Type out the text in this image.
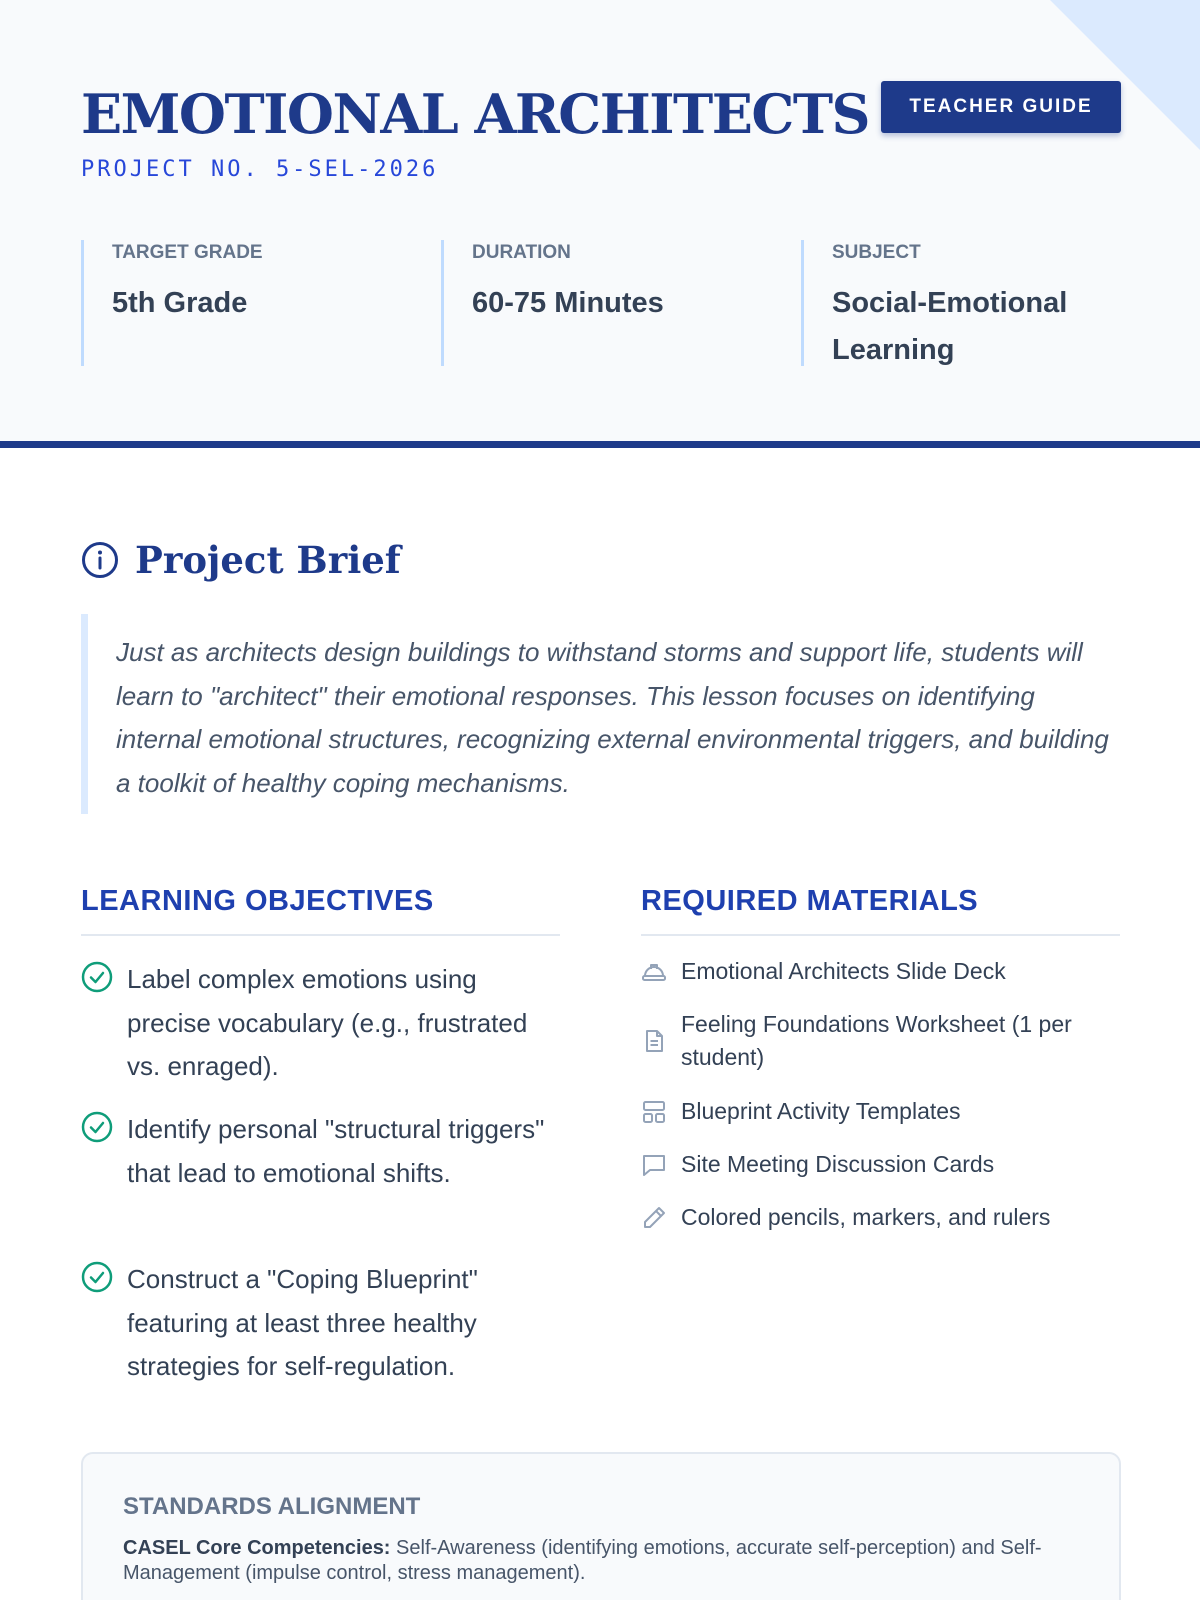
EMOTIONAL ARCHITECTS
PROJECT NO. 5-SEL-2026
TEACHER GUIDE
TARGET GRADE
5th Grade
DURATION
60-75 Minutes
SUBJECT
Social-Emotional Learning
Project Brief
Just as architects design buildings to withstand storms and support life, students will learn to "architect" their emotional responses. This lesson focuses on identifying internal emotional structures, recognizing external environmental triggers, and building a toolkit of healthy coping mechanisms.
LEARNING OBJECTIVES
Label complex emotions using precise vocabulary (e.g., frustrated vs. enraged).
Identify personal "structural triggers" that lead to emotional shifts.
Construct a "Coping Blueprint" featuring at least three healthy strategies for self-regulation.
REQUIRED MATERIALS
Emotional Architects Slide Deck
Feeling Foundations Worksheet (1 per student)
Blueprint Activity Templates
Site Meeting Discussion Cards
Colored pencils, markers, and rulers
STANDARDS ALIGNMENT
CASEL Core Competencies: Self-Awareness (identifying emotions, accurate self-perception) and Self-Management (impulse control, stress management).
